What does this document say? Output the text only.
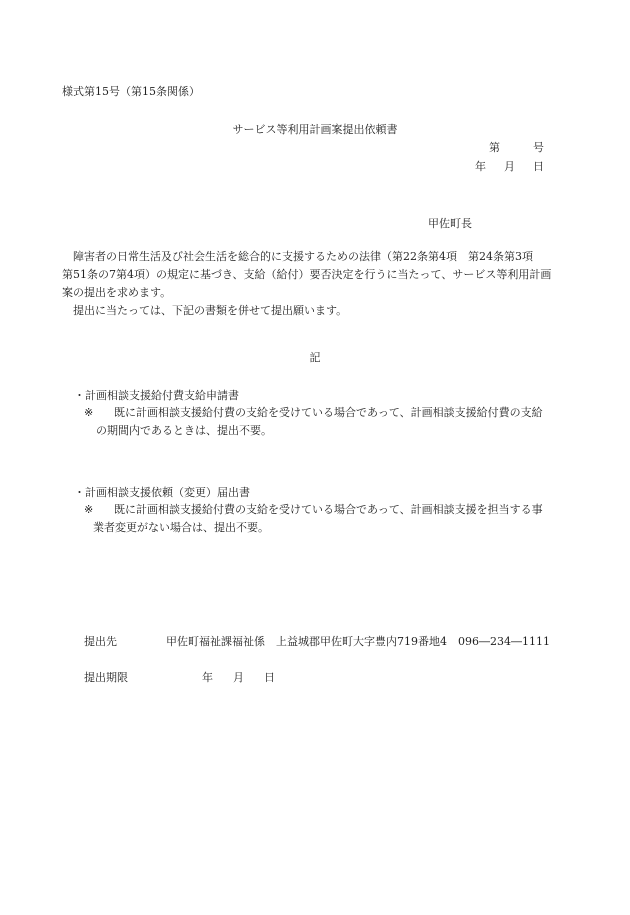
様式第15号（第15条関係）
サービス等利用計画案提出依頼書
第	号
年 月 日
甲佐町長

障害者の日常生活及び社会生活を総合的に支援するための法律（第22条第4項　第24条第3項

第51条の7第4項）の規定に基づき、支給（給付）要否決定を行うに当たって、サービス等利用計画
案の提出を求めます。

提出に当たっては、下記の書類を併せて提出願います。

記
・計画相談支援給付費支給申請書
※ 既に計画相談支援給付費の支給を受けている場合であって、計画相談支援給付費の支給
の期間内であるときは、提出不要。
・計画相談支援依頼（変更）届出書
※ 既に計画相談支援給付費の支給を受けている場合であって、計画相談支援を担当する事
業者変更がない場合は、提出不要。
提出先	甲佐町福祉課福祉係　上益城郡甲佐町大字豊内719番地4　096―234―1111
提出期限	年 月 日
